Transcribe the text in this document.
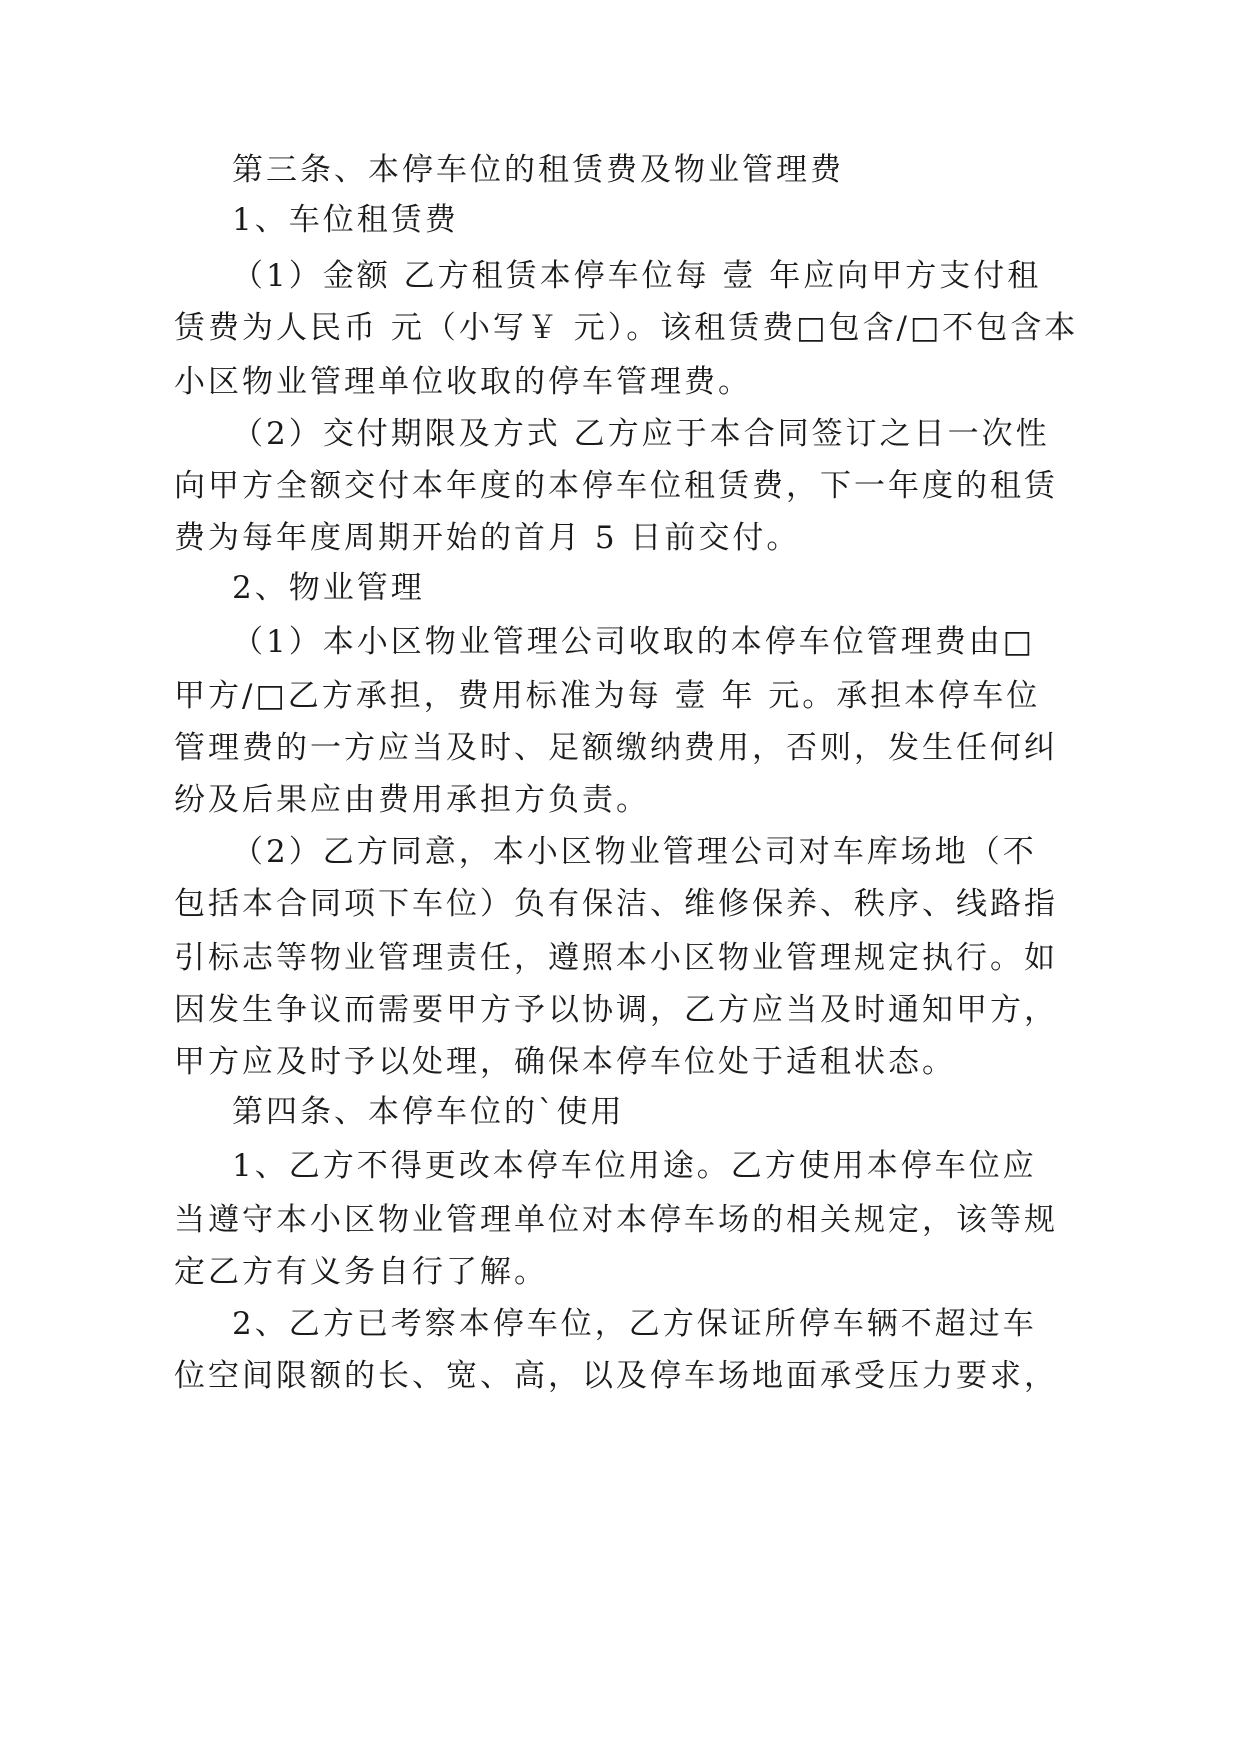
第三条、本停车位的租赁费及物业管理费

1、车位租赁费

（1）金额 乙方租赁本停车位每 壹 年应向甲方支付租

赁费为人民币 元（小写￥ 元）。该租赁费□包含/□不包含本

小区物业管理单位收取的停车管理费。

（2）交付期限及方式 乙方应于本合同签订之日一次性

向甲方全额交付本年度的本停车位租赁费，下一年度的租赁

费为每年度周期开始的首月 5 日前交付。

2、物业管理

（1）本小区物业管理公司收取的本停车位管理费由□

甲方/□乙方承担，费用标准为每 壹 年 元。承担本停车位

管理费的一方应当及时、足额缴纳费用，否则，发生任何纠

纷及后果应由费用承担方负责。

（2）乙方同意，本小区物业管理公司对车库场地（不

包括本合同项下车位）负有保洁、维修保养、秩序、线路指

引标志等物业管理责任，遵照本小区物业管理规定执行。如

因发生争议而需要甲方予以协调，乙方应当及时通知甲方，

甲方应及时予以处理，确保本停车位处于适租状态。

第四条、本停车位的`使用

1、乙方不得更改本停车位用途。乙方使用本停车位应

当遵守本小区物业管理单位对本停车场的相关规定，该等规

定乙方有义务自行了解。

2、乙方已考察本停车位，乙方保证所停车辆不超过车

位空间限额的长、宽、高，以及停车场地面承受压力要求，
